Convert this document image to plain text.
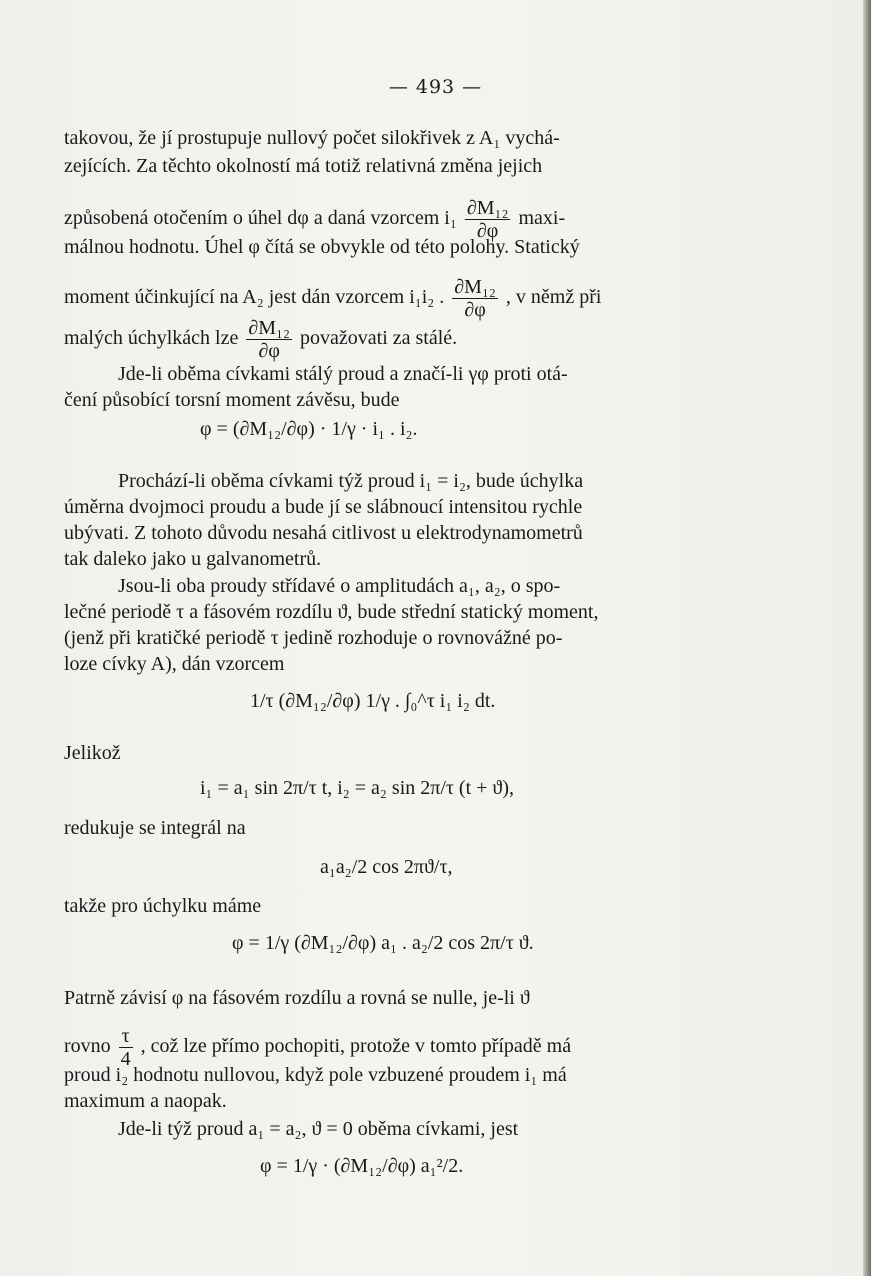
— 493 —
takovou, že jí prostupuje nullový počet silokřivek z A₁ vychá-
zejících. Za těchto okolností má totiž relativná změna jejich
způsobená otočením o úhel dφ a daná vzorcem $i_1 \frac{\text{∂M₁₂}}{\partial\varphi} \max i-$
málnou hodnotu. Úhel φ čítá se obvykle od této polohy. Statický
moment účinkující na A₂ jest dán vzorcem i₁i₂ . $\frac{\text{∂M₁₂}}{\partial\varphi}$ , v němž při
malých úchylkách lze $\frac{\text{∂M₁₂}}{\partial\varphi}$ považovati za stálé.
Jde-li oběma cívkami stálý proud a značí-li γφ proti otá-
čení působící torsní moment závěsu, bude
φ = (∂M₁₂/∂φ) · 1/γ · i₁ . i₂.
Prochází-li oběma cívkami týž proud i₁ = i₂, bude úchylka
úměrna dvojmoci proudu a bude jí se slábnoucí intensitou rychle
ubývati. Z tohoto důvodu nesahá citlivost u elektrodynamometrů
tak daleko jako u galvanometrů.
Jsou-li oba proudy střídavé o amplitudách a₁, a₂, o spo-
lečné periodě τ a fásovém rozdílu ϑ, bude střední statický moment,
(jenž při kratičké periodě τ jedině rozhoduje o rovnovážné po-
loze cívky A), dán vzorcem
1/τ (∂M₁₂/∂φ) 1/γ . ∫₀^τ i₁ i₂ dt.
Jelikož
i₁ = a₁ sin 2π/τ t, i₂ = a₂ sin 2π/τ (t + ϑ),
redukuje se integrál na
a₁a₂/2 cos 2πϑ/τ,
takže pro úchylku máme
φ = 1/γ (∂M₁₂/∂φ) a₁ . a₂/2 cos 2π/τ ϑ.
Patrně závisí φ na fásovém rozdílu a rovná se nulle, je-li ϑ
rovno $\frac{\tau}{4}$ , což lze přímo pochopiti, protože v tomto případě má
proud i₂ hodnotu nullovou, když pole vzbuzené proudem i₁ má
maximum a naopak.
Jde-li týž proud a₁ = a₂, ϑ = 0 oběma cívkami, jest
φ = 1/γ · (∂M₁₂/∂φ) a₁²/2.
